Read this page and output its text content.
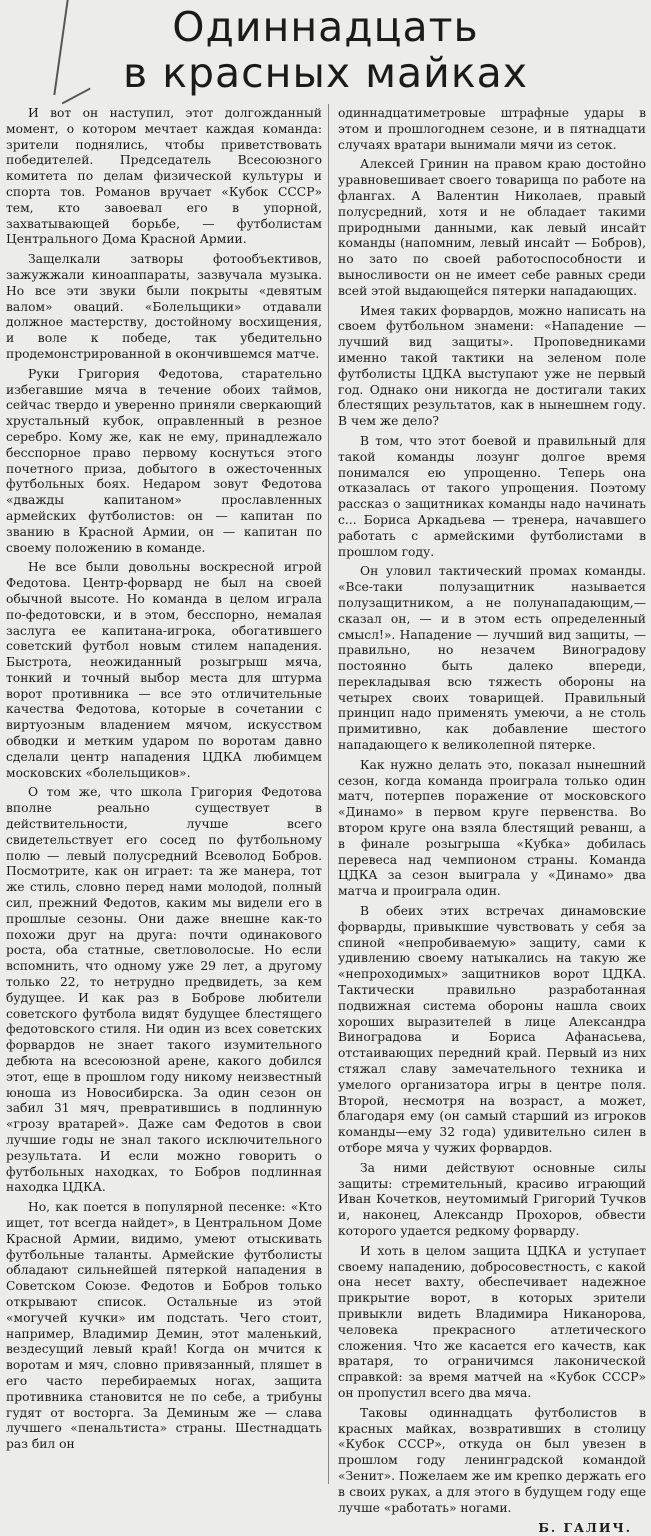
Одиннадцать
в красных майках

И вот он наступил, этот долгожданный момент, о котором мечтает каждая команда: зрители поднялись, чтобы приветствовать победителей. Председатель Всесоюзного комитета по делам физической культуры и спорта тов. Романов вручает «Кубок СССР» тем, кто завоевал его в упорной, захватывающей борьбе, — футболистам Центрального Дома Красной Армии.

Защелкали затворы фотообъективов, зажужжали киноаппараты, зазвучала музыка. Но все эти звуки были покрыты «девятым валом» оваций. «Болельщики» отдавали должное мастерству, достойному восхищения, и воле к победе, так убедительно продемонстрированной в окончившемся матче.

Руки Григория Федотова, старательно избегавшие мяча в течение обоих таймов, сейчас твердо и уверенно приняли сверкающий хрустальный кубок, оправленный в резное серебро. Кому же, как не ему, принадлежало бесспорное право первому коснуться этого почетного приза, добытого в ожесточенных футбольных боях. Недаром зовут Федотова «дважды капитаном» прославленных армейских футболистов: он — капитан по званию в Красной Армии, он — капитан по своему положению в команде.

Не все были довольны воскресной игрой Федотова. Центр-форвард не был на своей обычной высоте. Но команда в целом играла по-федотовски, и в этом, бесспорно, немалая заслуга ее капитана-игрока, обогатившего советский футбол новым стилем нападения. Быстрота, неожиданный розыгрыш мяча, тонкий и точный выбор места для штурма ворот противника — все это отличительные качества Федотова, которые в сочетании с виртуозным владением мячом, искусством обводки и метким ударом по воротам давно сделали центр нападения ЦДКА любимцем московских «болельщиков».

О том же, что школа Григория Федотова вполне реально существует в действительности, лучше всего свидетельствует его сосед по футбольному полю — левый полусредний Всеволод Бобров. Посмотрите, как он играет: та же манера, тот же стиль, словно перед нами молодой, полный сил, прежний Федотов, каким мы видели его в прошлые сезоны. Они даже внешне как-то похожи друг на друга: почти одинакового роста, оба статные, светловолосые. Но если вспомнить, что одному уже 29 лет, а другому только 22, то нетрудно предвидеть, за кем будущее. И как раз в Боброве любители советского футбола видят будущее блестящего федотовского стиля. Ни один из всех советских форвардов не знает такого изумительного дебюта на всесоюзной арене, какого добился этот, еще в прошлом году никому неизвестный юноша из Новосибирска. За один сезон он забил 31 мяч, превратившись в подлинную «грозу вратарей». Даже сам Федотов в свои лучшие годы не знал такого исключительного результата. И если можно говорить о футбольных находках, то Бобров подлинная находка ЦДКА.

Но, как поется в популярной песенке: «Кто ищет, тот всегда найдет», в Центральном Доме Красной Армии, видимо, умеют отыскивать футбольные таланты. Армейские футболисты обладают сильнейшей пятеркой нападения в Советском Союзе. Федотов и Бобров только открывают список. Остальные из этой «могучей кучки» им подстать. Чего стоит, например, Владимир Демин, этот маленький, вездесущий левый край! Когда он мчится к воротам и мяч, словно привязанный, пляшет в его часто перебираемых ногах, защита противника становится не по себе, а трибуны гудят от восторга. За Деминым же — слава лучшего «пенальтиста» страны. Шестнадцать раз бил он

одиннадцатиметровые штрафные удары в этом и прошлогоднем сезоне, и в пятнадцати случаях вратари вынимали мячи из сеток.

Алексей Гринин на правом краю достойно уравновешивает своего товарища по работе на флангах. А Валентин Николаев, правый полусредний, хотя и не обладает такими природными данными, как левый инсайт команды (напомним, левый инсайт — Бобров), но зато по своей работоспособности и выносливости он не имеет себе равных среди всей этой выдающейся пятерки нападающих.

Имея таких форвардов, можно написать на своем футбольном знамени: «Нападение — лучший вид защиты». Проповедниками именно такой тактики на зеленом поле футболисты ЦДКА выступают уже не первый год. Однако они никогда не достигали таких блестящих результатов, как в нынешнем году. В чем же дело?

В том, что этот боевой и правильный для такой команды лозунг долгое время понимался ею упрощенно. Теперь она отказалась от такого упрощения. Поэтому рассказ о защитниках команды надо начинать с... Бориса Аркадьева — тренера, начавшего работать с армейскими футболистами в прошлом году.

Он уловил тактический промах команды. «Все-таки полузащитник называется полузащитником, а не полунападающим,— сказал он, — и в этом есть определенный смысл!». Нападение — лучший вид защиты, — правильно, но незачем Виноградову постоянно быть далеко впереди, перекладывая всю тяжесть обороны на четырех своих товарищей. Правильный принцип надо применять умеючи, а не столь примитивно, как добавление шестого нападающего к великолепной пятерке.

Как нужно делать это, показал нынешний сезон, когда команда проиграла только один матч, потерпев поражение от московского «Динамо» в первом круге первенства. Во втором круге она взяла блестящий реванш, а в финале розыгрыша «Кубка» добилась перевеса над чемпионом страны. Команда ЦДКА за сезон выиграла у «Динамо» два матча и проиграла один.

В обеих этих встречах динамовские форварды, привыкшие чувствовать у себя за спиной «непробиваемую» защиту, сами к удивлению своему натыкались на такую же «непроходимых» защитников ворот ЦДКА. Тактически правильно разработанная подвижная система обороны нашла своих хороших выразителей в лице Александра Виноградова и Бориса Афанасьева, отстаивающих передний край. Первый из них стяжал славу замечательного техника и умелого организатора игры в центре поля. Второй, несмотря на возраст, а может, благодаря ему (он самый старший из игроков команды—ему 32 года) удивительно силен в отборе мяча у чужих форвардов.

За ними действуют основные силы защиты: стремительный, красиво играющий Иван Кочетков, неутомимый Григорий Тучков и, наконец, Александр Прохоров, обвести которого удается редкому форварду.

И хоть в целом защита ЦДКА и уступает своему нападению, добросовестность, с какой она несет вахту, обеспечивает надежное прикрытие ворот, в которых зрители привыкли видеть Владимира Никанорова, человека прекрасного атлетического сложения. Что же касается его качеств, как вратаря, то ограничимся лаконической справкой: за время матчей на «Кубок СССР» он пропустил всего два мяча.

Таковы одиннадцать футболистов в красных майках, возвративших в столицу «Кубок СССР», откуда он был увезен в прошлом году ленинградской командой «Зенит». Пожелаем же им крепко держать его в своих руках, а для этого в будущем году еще лучше «работать» ногами.

Б. ГАЛИЧ.
